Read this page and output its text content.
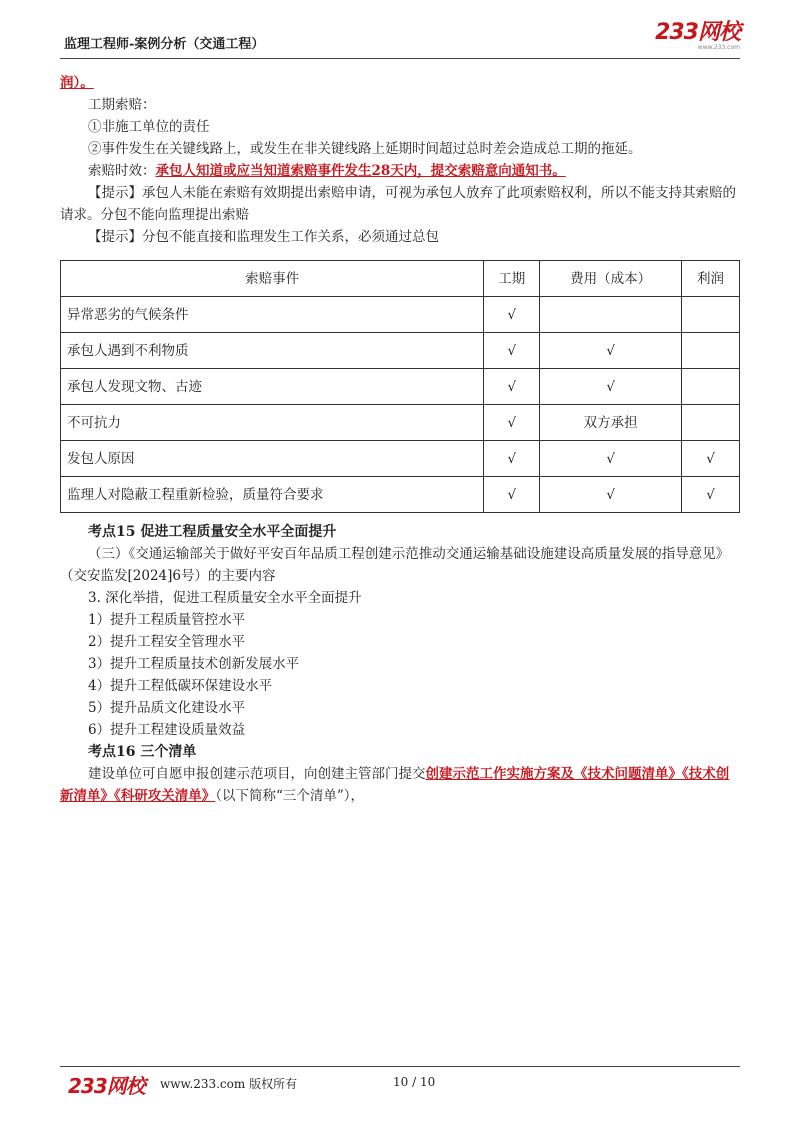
监理工程师-案例分析（交通工程）	233网校
www.233.com

润）。

工期索赔：

①非施工单位的责任

②事件发生在关键线路上，或发生在非关键线路上延期时间超过总时差会造成总工期的拖延。

索赔时效：承包人知道或应当知道索赔事件发生28天内，提交索赔意向通知书。

【提示】承包人未能在索赔有效期提出索赔申请，可视为承包人放弃了此项索赔权利，所以不能支持其索赔的请求。分包不能向监理提出索赔

【提示】分包不能直接和监理发生工作关系，必须通过总包

索赔事件	工期	费用（成本）	利润
异常恶劣的气候条件	√		
承包人遇到不利物质	√	√	
承包人发现文物、古迹	√	√	
不可抗力	√	双方承担	
发包人原因	√	√	√
监理人对隐蔽工程重新检验，质量符合要求	√	√	√

考点15 促进工程质量安全水平全面提升

（三）《交通运输部关于做好平安百年品质工程创建示范推动交通运输基础设施建设高质量发展的指导意见》（交安监发[2024]6号）的主要内容

3. 深化举措，促进工程质量安全水平全面提升

1）提升工程质量管控水平

2）提升工程安全管理水平

3）提升工程质量技术创新发展水平

4）提升工程低碳环保建设水平

5）提升品质文化建设水平

6）提升工程建设质量效益

考点16 三个清单

建设单位可自愿申报创建示范项目，向创建主管部门提交创建示范工作实施方案及《技术问题清单》《技术创新清单》《科研攻关清单》（以下简称“三个清单”），

233网校 www.233.com 版权所有	10 / 10
